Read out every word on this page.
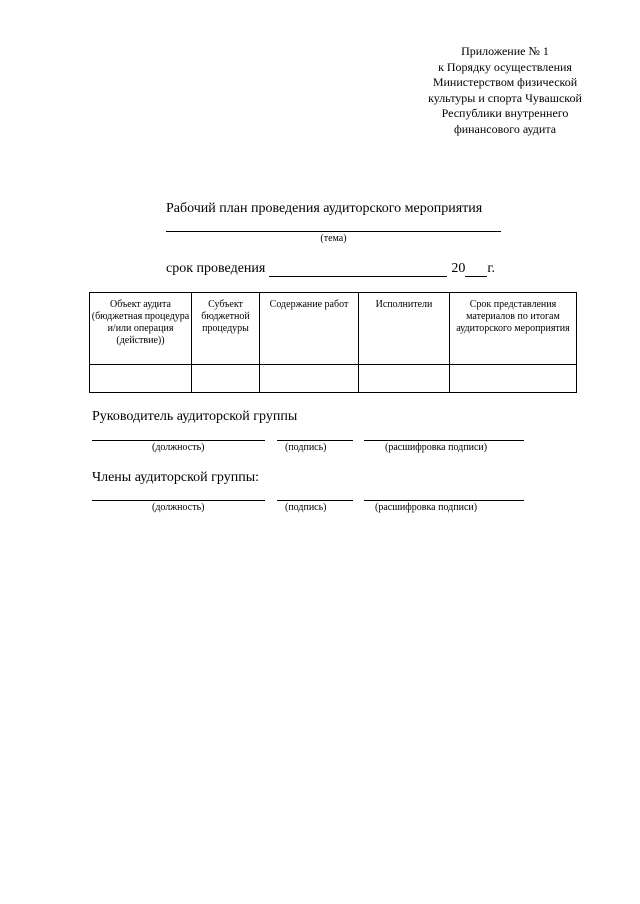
Приложение № 1
к Порядку осуществления
Министерством физической
культуры и спорта Чувашской
Республики внутреннего
финансового аудита
Рабочий план проведения аудиторского мероприятия
(тема)
срок проведения	20 г.
Объект аудита (бюджетная процедура и/или операция (действие))	Субъект бюджетной процедуры	Содержание работ	Исполнители	Срок представления материалов по итогам аудиторского мероприятия

Руководитель аудиторской группы
(должность)	(подпись)	(расшифровка подписи)
Члены аудиторской группы:
(должность)	(подпись)	(расшифровка подписи)
